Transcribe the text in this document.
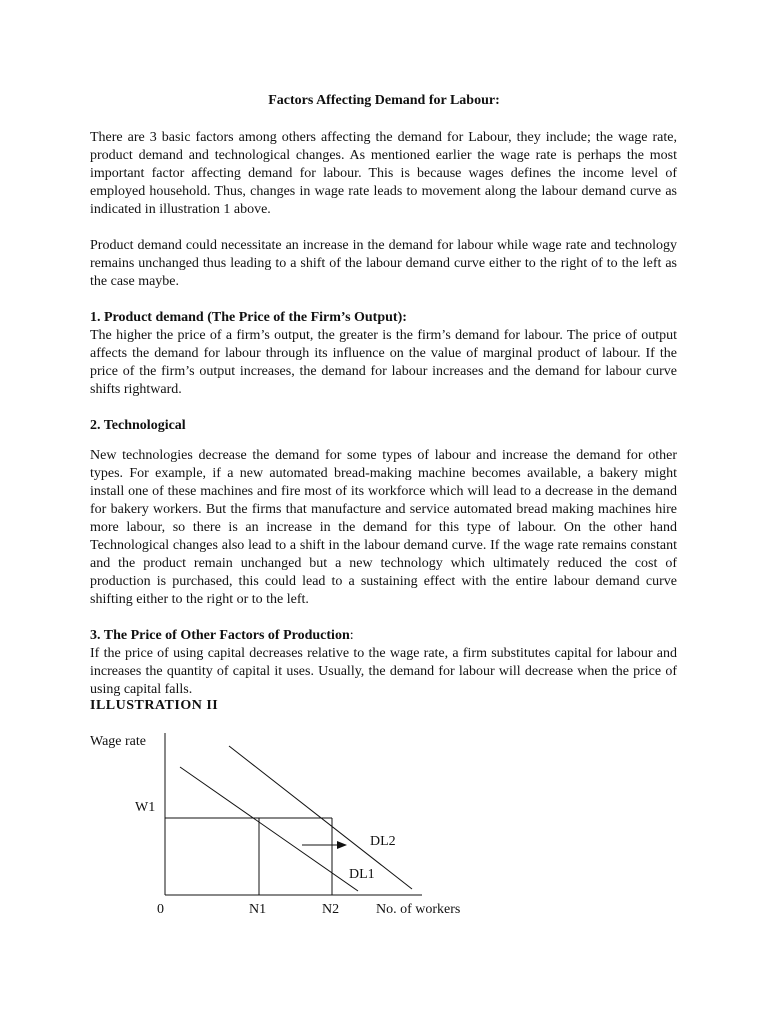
Factors Affecting Demand for Labour:

There are 3 basic factors among others affecting the demand for Labour, they include; the wage rate, product demand and technological changes. As mentioned earlier the wage rate is perhaps the most important factor affecting demand for labour. This is because wages defines the income level of employed household. Thus, changes in wage rate leads to movement along the labour demand curve as indicated in illustration 1 above.

Product demand could necessitate an increase in the demand for labour while wage rate and technology remains unchanged thus leading to a shift of the labour demand curve either to the right of to the left as the case maybe.

1. Product demand (The Price of the Firm’s Output):

The higher the price of a firm’s output, the greater is the firm’s demand for labour. The price of output affects the demand for labour through its influence on the value of marginal product of labour. If the price of the firm’s output increases, the demand for labour increases and the demand for labour curve shifts rightward.

2. Technological

New technologies decrease the demand for some types of labour and increase the demand for other types. For example, if a new automated bread-making machine becomes available, a bakery might install one of these machines and fire most of its workforce which will lead to a decrease in the demand for bakery workers. But the firms that manufacture and service automated bread making machines hire more labour, so there is an increase in the demand for this type of labour. On the other hand Technological changes also lead to a shift in the labour demand curve. If the wage rate remains constant and the product remain unchanged but a new technology which ultimately reduced the cost of production is purchased, this could lead to a sustaining effect with the entire labour demand curve shifting either to the right or to the left.

3. The Price of Other Factors of Production:

If the price of using capital decreases relative to the wage rate, a firm substitutes capital for labour and increases the quantity of capital it uses. Usually, the demand for labour will decrease when the price of using capital falls.

ILLUSTRATION II

Wage rate
W1
DL2
DL1
0	N1	N2	No. of workers
